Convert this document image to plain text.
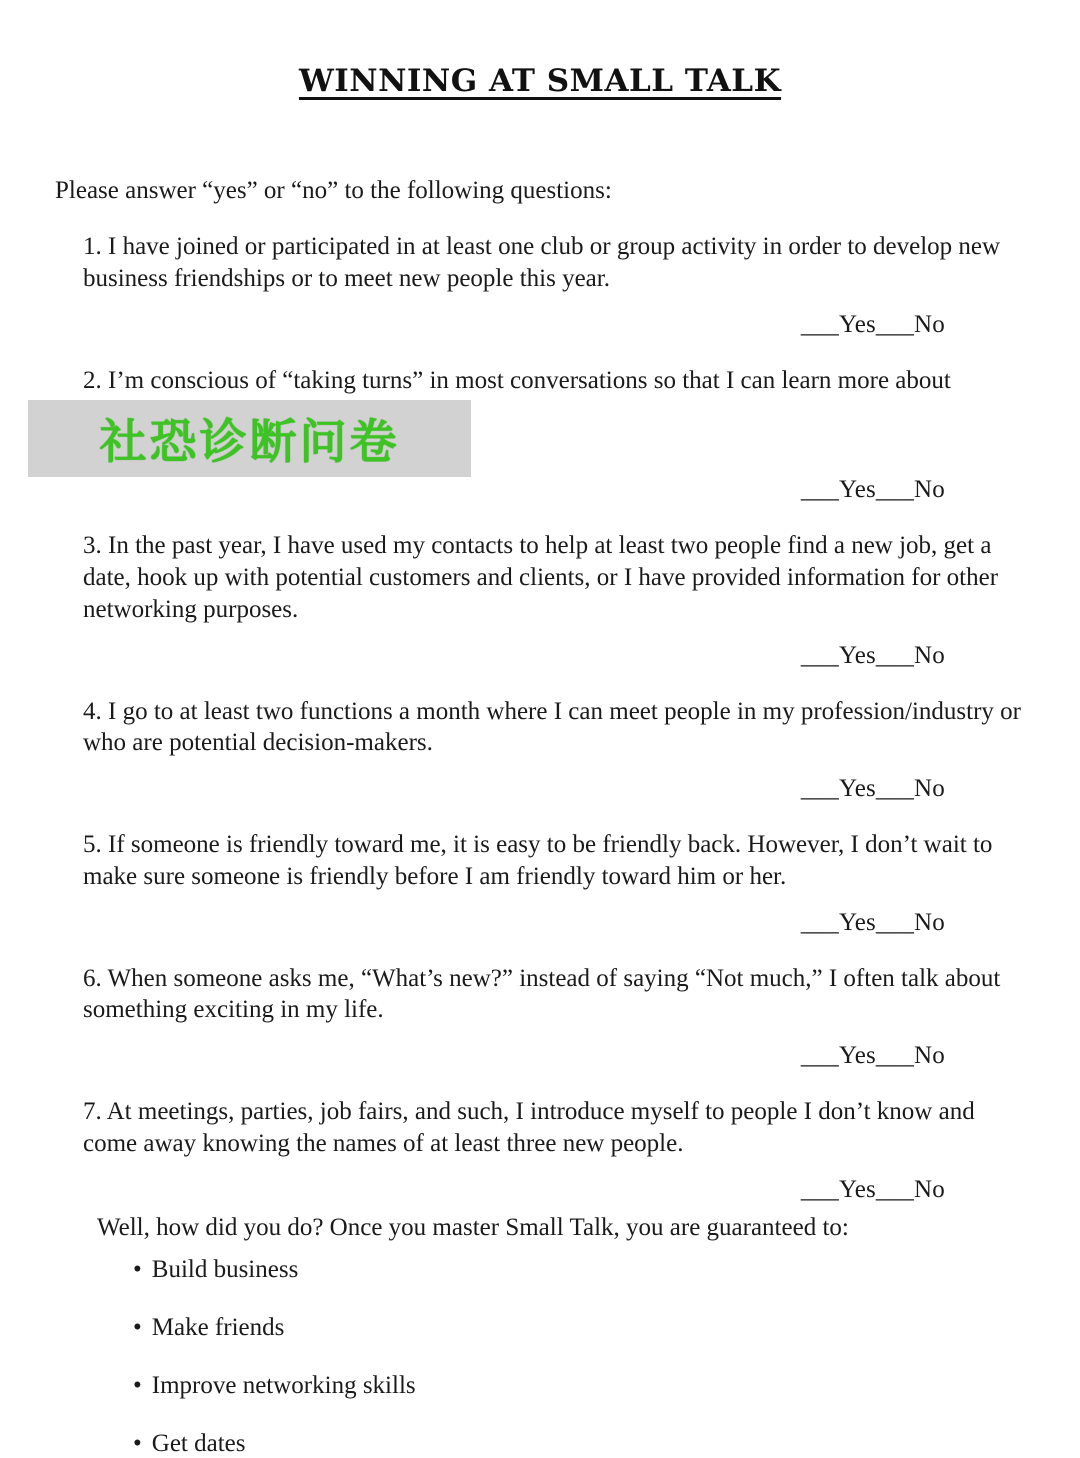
WINNING AT SMALL TALK

Please answer “yes” or “no” to the following questions:

1. I have joined or participated in at least one club or group activity in order to develop new business friendships or to meet new people this year.

___Yes___No

2. I’m conscious of “taking turns” in most conversations so that I can learn more about

___Yes___No

3. In the past year, I have used my contacts to help at least two people find a new job, get a date, hook up with potential customers and clients, or I have provided information for other networking purposes.

___Yes___No

4. I go to at least two functions a month where I can meet people in my profession/industry or who are potential decision-makers.

___Yes___No

5. If someone is friendly toward me, it is easy to be friendly back. However, I don’t wait to make sure someone is friendly before I am friendly toward him or her.

___Yes___No

6. When someone asks me, “What’s new?” instead of saying “Not much,” I often talk about something exciting in my life.

___Yes___No

7. At meetings, parties, job fairs, and such, I introduce myself to people I don’t know and come away knowing the names of at least three new people.

___Yes___No

Well, how did you do? Once you master Small Talk, you are guaranteed to:

• Build business
• Make friends
• Improve networking skills
• Get dates
社恐诊断问卷
